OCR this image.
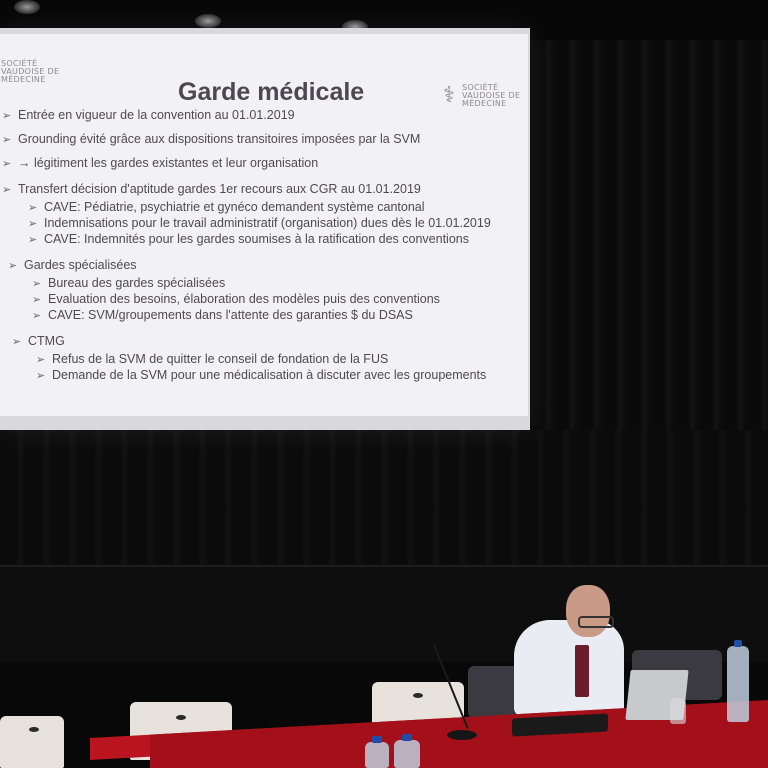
SOCIÉTÉ
VAUDOISE DE
MÉDECINE
⚕ SOCIÉTÉ
VAUDOISE DE
MÉDECINE
Garde médicale
➢ Entrée en vigueur de la convention au 01.01.2019
➢ Grounding évité grâce aux dispositions transitoires imposées par la SVM
➢ → légitiment les gardes existantes et leur organisation
➢ Transfert décision d'aptitude gardes 1er recours aux CGR au 01.01.2019
➢ CAVE: Pédiatrie, psychiatrie et gynéco demandent système cantonal
➢ Indemnisations pour le travail administratif (organisation) dues dès le 01.01.2019
➢ CAVE: Indemnités pour les gardes soumises à la ratification des conventions
➢ Gardes spécialisées
➢ Bureau des gardes spécialisées
➢ Evaluation des besoins, élaboration des modèles puis des conventions
➢ CAVE: SVM/groupements dans l'attente des garanties $ du DSAS
➢ CTMG
➢ Refus de la SVM de quitter le conseil de fondation de la FUS
➢ Demande de la SVM pour une médicalisation à discuter avec les groupements
